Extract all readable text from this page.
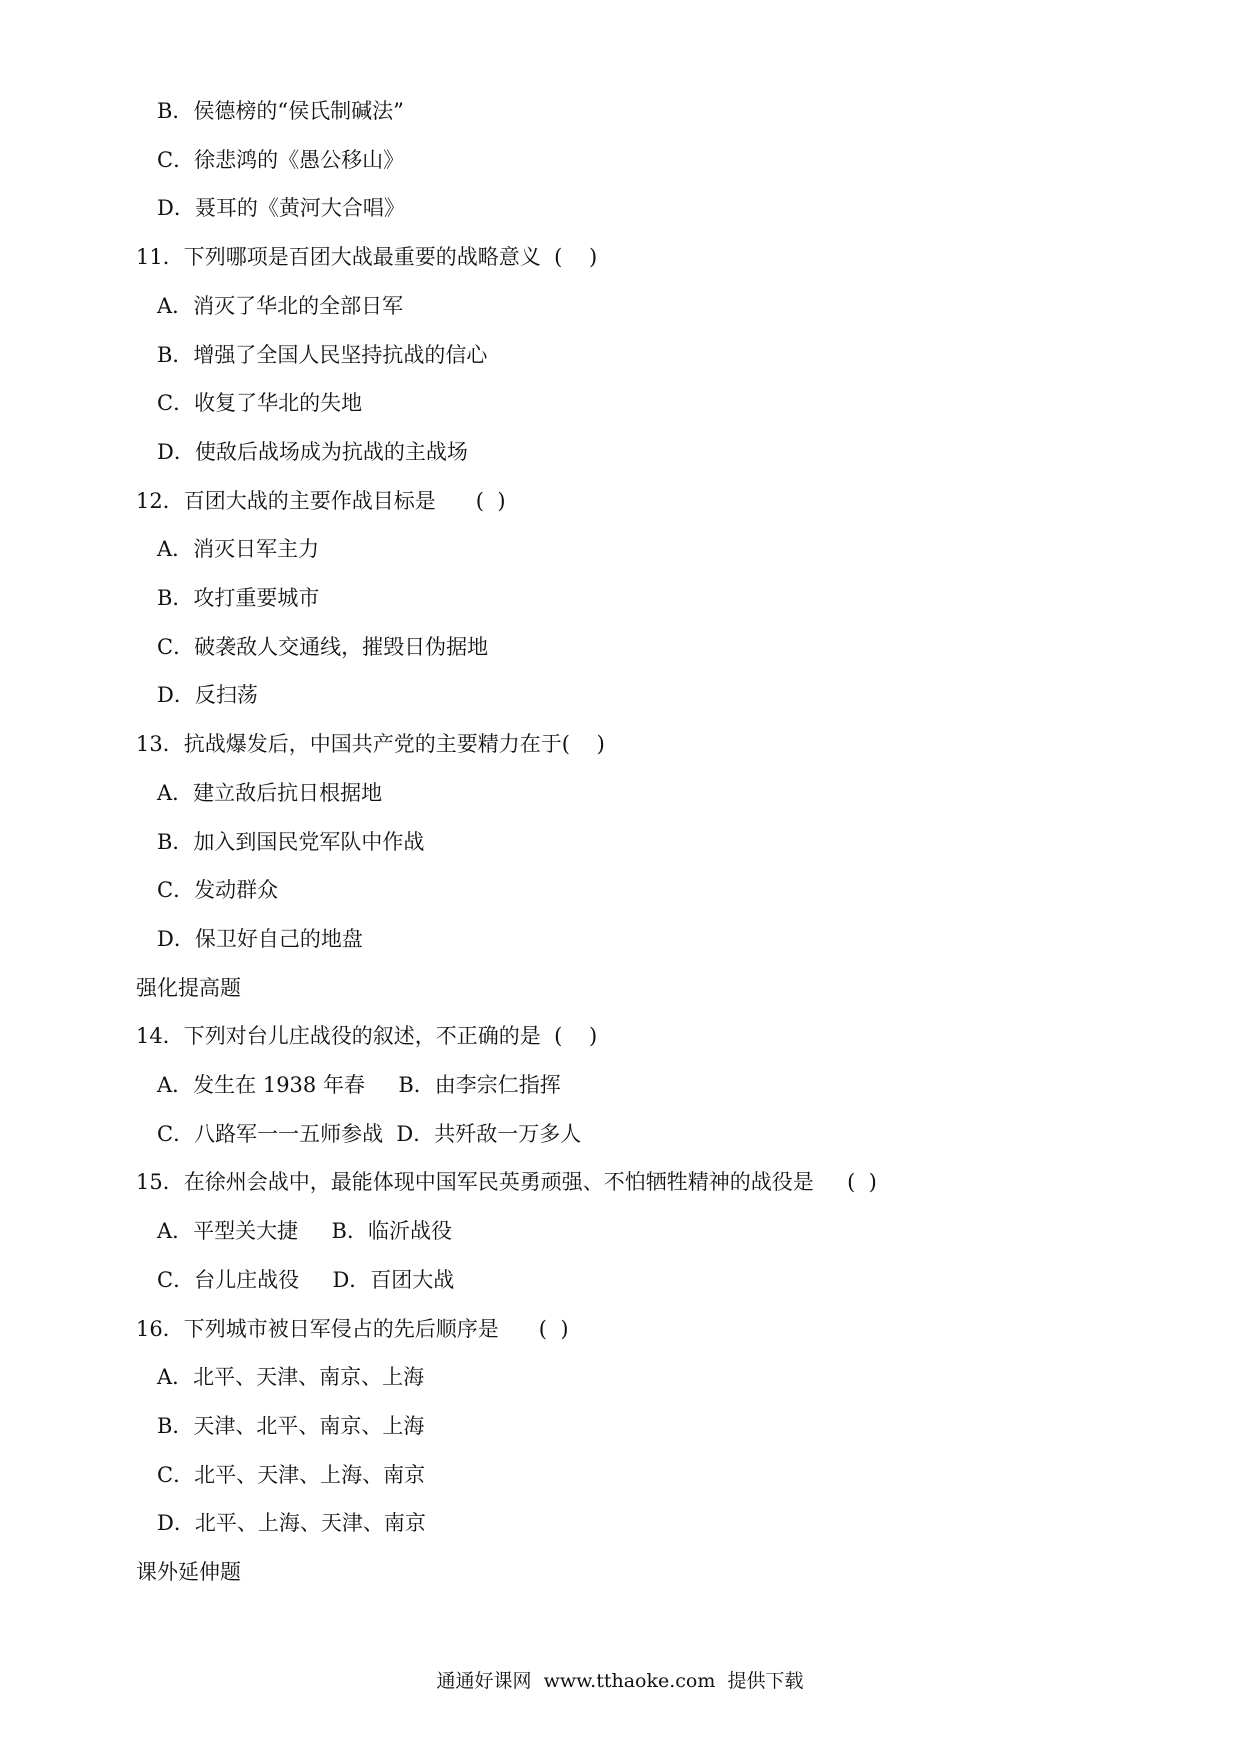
B．侯德榜的“侯氏制碱法”
C．徐悲鸿的《愚公移山》
D．聂耳的《黄河大合唱》
11．下列哪项是百团大战最重要的战略意义  (    )
A．消灭了华北的全部日军
B．增强了全国人民坚持抗战的信心
C．收复了华北的失地
D．使敌后战场成为抗战的主战场
12．百团大战的主要作战目标是      (  )
A．消灭日军主力
B．攻打重要城市
C．破袭敌人交通线，摧毁日伪据地
D．反扫荡
13．抗战爆发后，中国共产党的主要精力在于(    )
A．建立敌后抗日根据地
B．加入到国民党军队中作战
C．发动群众
D．保卫好自己的地盘
强化提高题
14．下列对台儿庄战役的叙述，不正确的是  (    )
A．发生在 1938 年春     B．由李宗仁指挥
C．八路军一一五师参战  D．共歼敌一万多人
15．在徐州会战中，最能体现中国军民英勇顽强、不怕牺牲精神的战役是     (  )
A．平型关大捷     B．临沂战役
C．台儿庄战役     D．百团大战
16．下列城市被日军侵占的先后顺序是      (  )
A．北平、天津、南京、上海
B．天津、北平、南京、上海
C．北平、天津、上海、南京
D．北平、上海、天津、南京
课外延伸题
通通好课网  www.tthaoke.com  提供下载
